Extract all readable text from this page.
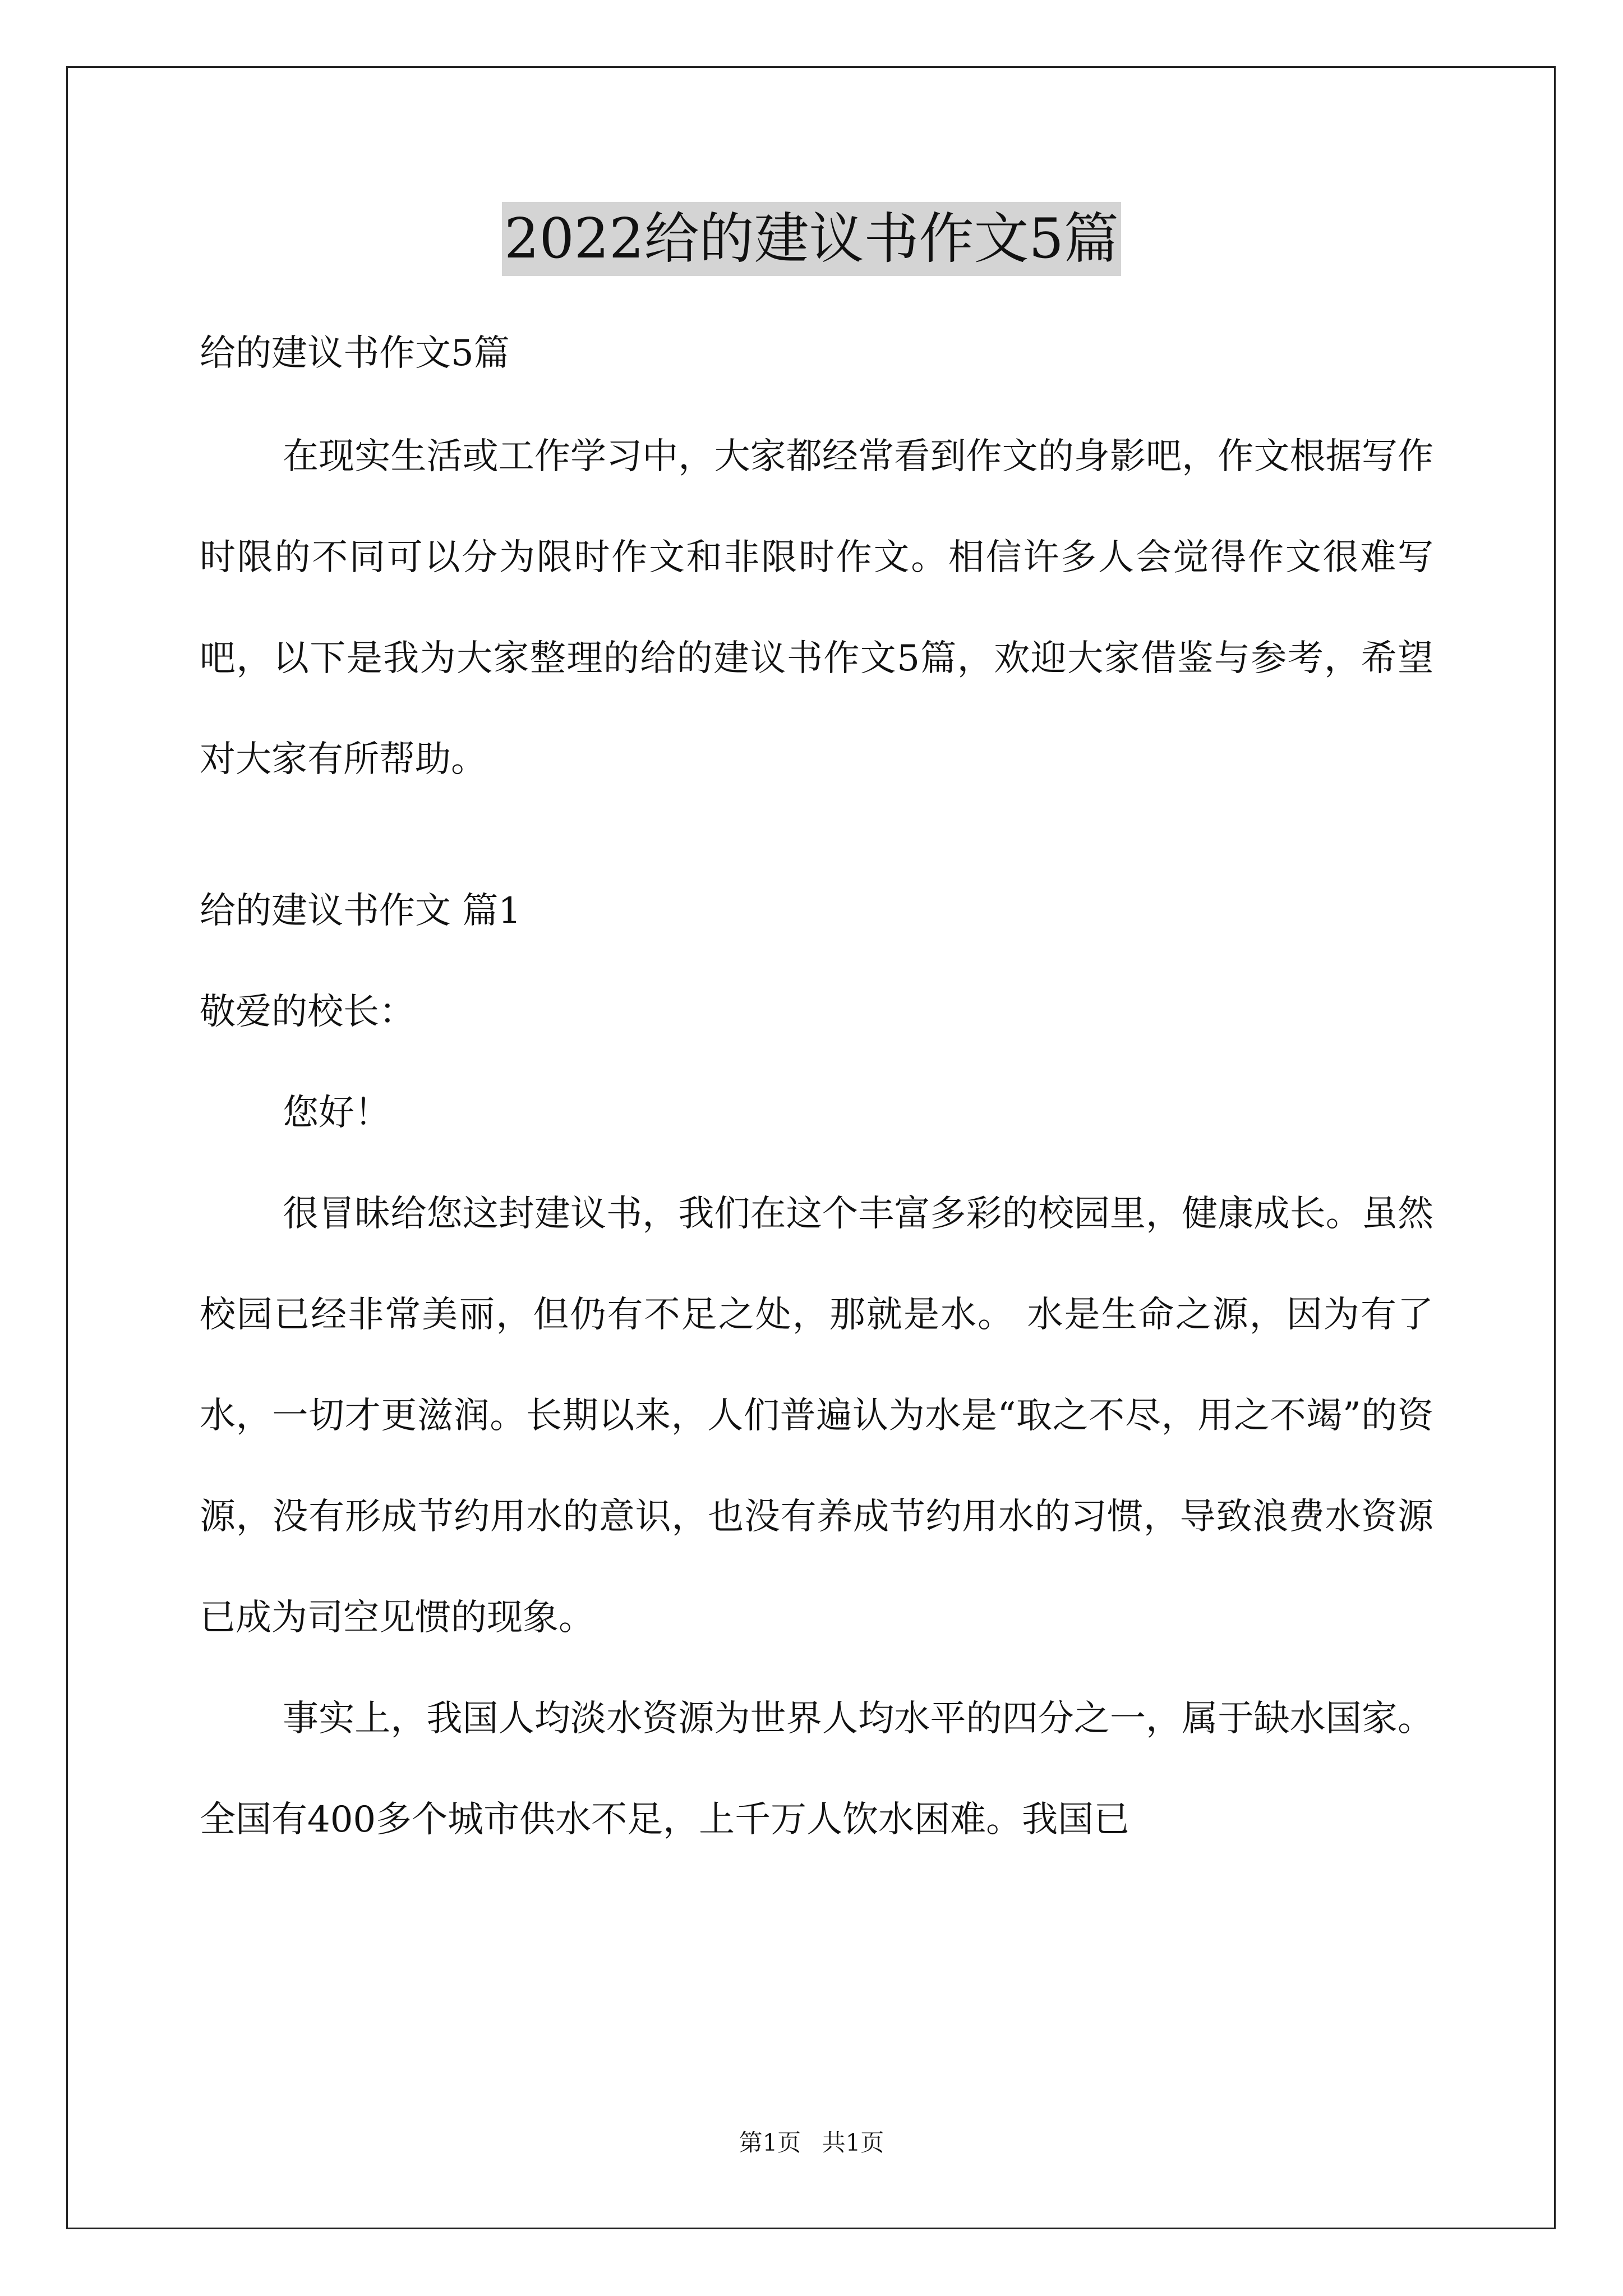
2022给的建议书作文5篇
给的建议书作文5篇

在现实生活或工作学习中，大家都经常看到作文的身影吧，作文根据写作时限的不同可以分为限时作文和非限时作文。相信许多人会觉得作文很难写吧，以下是我为大家整理的给的建议书作文5篇，欢迎大家借鉴与参考，希望对大家有所帮助。

给的建议书作文 篇1
敬爱的校长：
您好！

很冒昧给您这封建议书，我们在这个丰富多彩的校园里，健康成长。虽然校园已经非常美丽，但仍有不足之处，那就是水。 水是生命之源，因为有了水，一切才更滋润。长期以来，人们普遍认为水是“取之不尽，用之不竭”的资源，没有形成节约用水的意识，也没有养成节约用水的习惯，导致浪费水资源已成为司空见惯的现象。

事实上，我国人均淡水资源为世界人均水平的四分之一，属于缺水国家。全国有400多个城市供水不足，上千万人饮水困难。我国已

第1页 共1页
